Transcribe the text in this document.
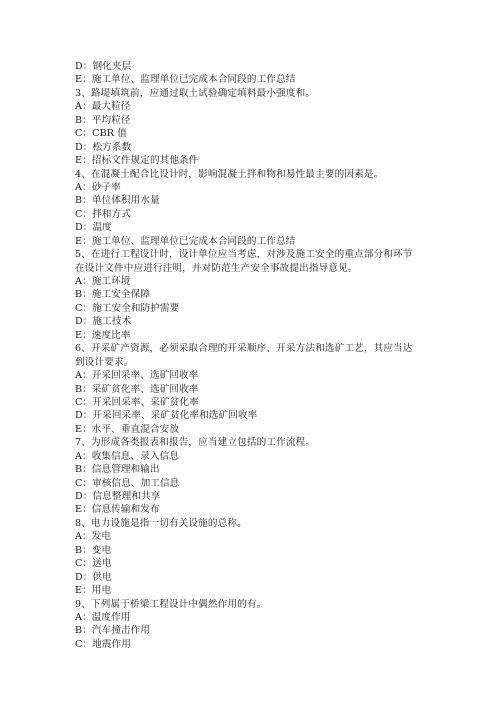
D：钢化夹层
E：施工单位、监理单位已完成本合同段的工作总结
3、路堤填筑前，应通过取土试验确定填料最小强度和。
A：最大粒径
B：平均粒径
C：CBR 值
D：松方系数
E：招标文件规定的其他条件
4、在混凝土配合比设计时，影响混凝土拌和物和易性最主要的因素是。
A：砂子率
B：单位体积用水量
C：拌和方式
D：温度
E：施工单位、监理单位已完成本合同段的工作总结
5、在进行工程设计时，设计单位应当考虑，对涉及施工安全的重点部分和环节
在设计文件中应进行注明，并对防范生产安全事故提出指导意见。
A：施工环境
B：施工安全保障
C：施工安全和防护需要
D：施工技术
E：速度比率
6、开采矿产资源，必须采取合理的开采顺序、开采方法和选矿工艺，其应当达
到设计要求。
A：开采回采率、选矿回收率
B：采矿贫化率、选矿回收率
C：开采回采率、采矿贫化率
D：开采回采率、采矿贫化率和选矿回收率
E：水平、垂直混合安放
7、为形成各类报表和报告，应当建立包括的工作流程。
A：收集信息、录入信息
B：信息管理和输出
C：审核信息、加工信息
D：信息整理和共享
E：信息传输和发布
8、电力设施是指一切有关设施的总称。
A：发电
B：变电
C：送电
D：供电
E：用电
9、下列属于桥梁工程设计中偶然作用的有。
A：温度作用
B：汽车撞击作用
C：地震作用
